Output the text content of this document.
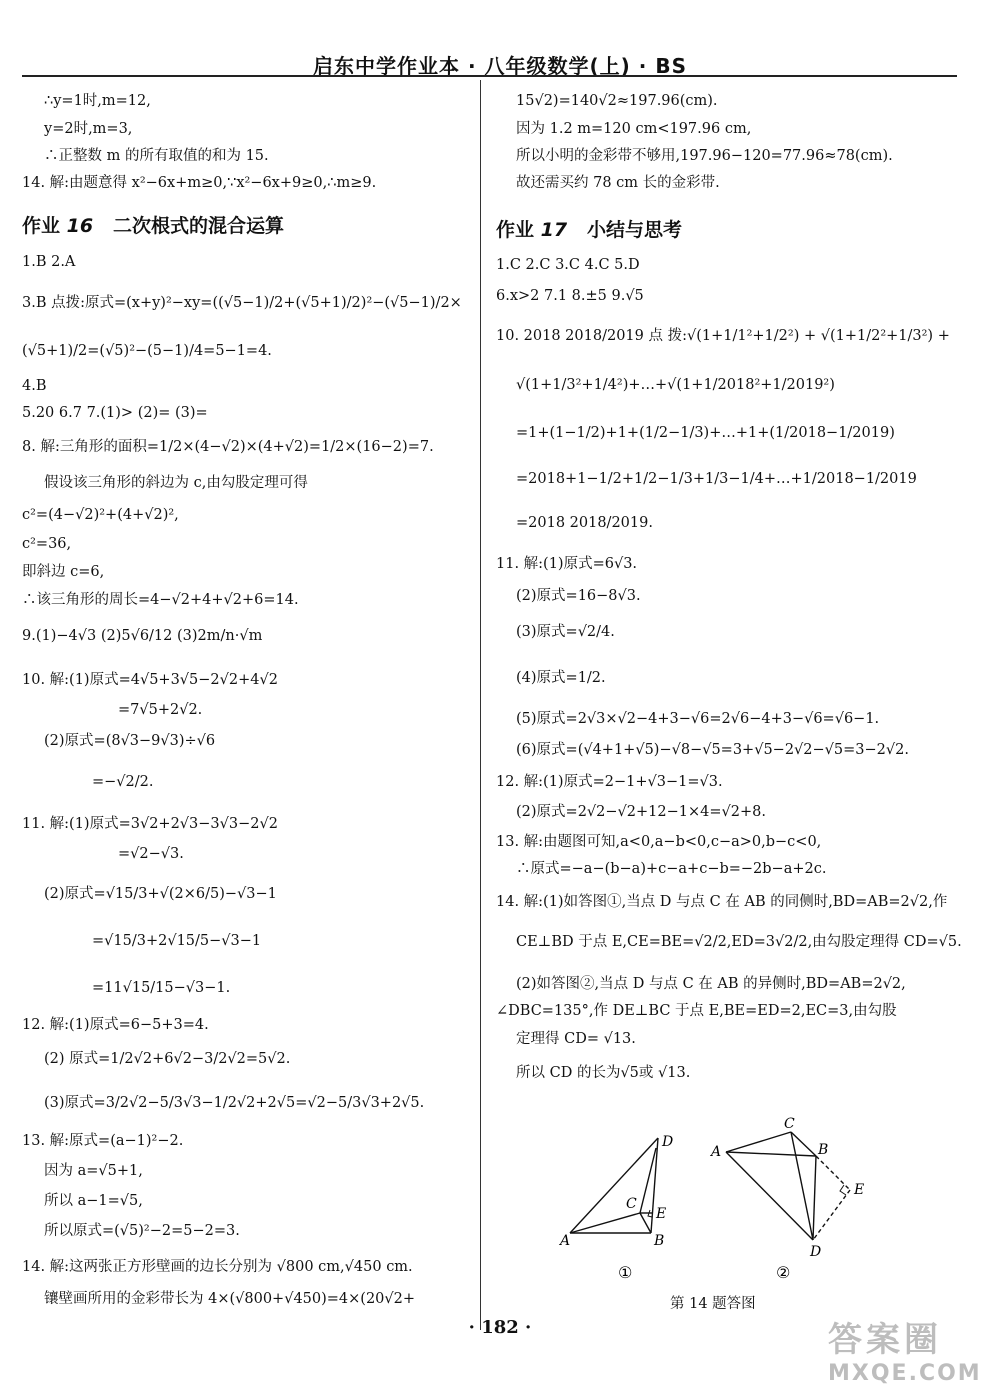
启东中学作业本 · 八年级数学(上) · BS
∴y=1时,m=12,
y=2时,m=3,
∴正整数 m 的所有取值的和为 15.
14. 解:由题意得 x²−6x+m≥0,∵x²−6x+9≥0,∴m≥9.
作业 16 二次根式的混合运算
1.B 2.A
3.B 点拨:原式=(x+y)²−xy=((√5−1)/2+(√5+1)/2)²−(√5−1)/2×
(√5+1)/2=(√5)²−(5−1)/4=5−1=4.
4.B
5.20 6.7 7.(1)> (2)= (3)=
8. 解:三角形的面积=1/2×(4−√2)×(4+√2)=1/2×(16−2)=7.
假设该三角形的斜边为 c,由勾股定理可得
c²=(4−√2)²+(4+√2)²,
c²=36,
即斜边 c=6,
∴该三角形的周长=4−√2+4+√2+6=14.
9.(1)−4√3 (2)5√6/12 (3)2m/n·√m
10. 解:(1)原式=4√5+3√5−2√2+4√2
=7√5+2√2.
(2)原式=(8√3−9√3)÷√6
=−√2/2.
11. 解:(1)原式=3√2+2√3−3√3−2√2
=√2−√3.
(2)原式=√15/3+√(2×6/5)−√3−1
=√15/3+2√15/5−√3−1
=11√15/15−√3−1.
12. 解:(1)原式=6−5+3=4.
(2) 原式=1/2√2+6√2−3/2√2=5√2.
(3)原式=3/2√2−5/3√3−1/2√2+2√5=√2−5/3√3+2√5.
13. 解:原式=(a−1)²−2.
因为 a=√5+1,
所以 a−1=√5,
所以原式=(√5)²−2=5−2=3.
14. 解:这两张正方形壁画的边长分别为 √800 cm,√450 cm.
镶壁画所用的金彩带长为 4×(√800+√450)=4×(20√2+
15√2)=140√2≈197.96(cm).
因为 1.2 m=120 cm<197.96 cm,
所以小明的金彩带不够用,197.96−120=77.96≈78(cm).
故还需买约 78 cm 长的金彩带.
作业 17 小结与思考
1.C 2.C 3.C 4.C 5.D
6.x>2 7.1 8.±5 9.√5
10. 2018 2018/2019 点 拨:√(1+1/1²+1/2²) + √(1+1/2²+1/3²) +
√(1+1/3²+1/4²)+…+√(1+1/2018²+1/2019²)
=1+(1−1/2)+1+(1/2−1/3)+…+1+(1/2018−1/2019)
=2018+1−1/2+1/2−1/3+1/3−1/4+…+1/2018−1/2019
=2018 2018/2019.
11. 解:(1)原式=6√3.
(2)原式=16−8√3.
(3)原式=√2/4.
(4)原式=1/2.
(5)原式=2√3×√2−4+3−√6=2√6−4+3−√6=√6−1.
(6)原式=(√4+1+√5)−√8−√5=3+√5−2√2−√5=3−2√2.
12. 解:(1)原式=2−1+√3−1=√3.
(2)原式=2√2−√2+12−1×4=√2+8.
13. 解:由题图可知,a<0,a−b<0,c−a>0,b−c<0,
∴原式=−a−(b−a)+c−a+c−b=−2b−a+2c.
14. 解:(1)如答图①,当点 D 与点 C 在 AB 的同侧时,BD=AB=2√2,作
CE⊥BD 于点 E,CE=BE=√2/2,ED=3√2/2,由勾股定理得 CD=√5.
(2)如答图②,当点 D 与点 C 在 AB 的异侧时,BD=AB=2√2,
∠DBC=135°,作 DE⊥BC 于点 E,BE=ED=2,EC=3,由勾股
定理得 CD= √13.
所以 CD 的长为√5或 √13.
D
C
E
A	B
C
A	B
E
D
①	②
第 14 题答图
· 182 ·	答案圈
MXQE.COM
